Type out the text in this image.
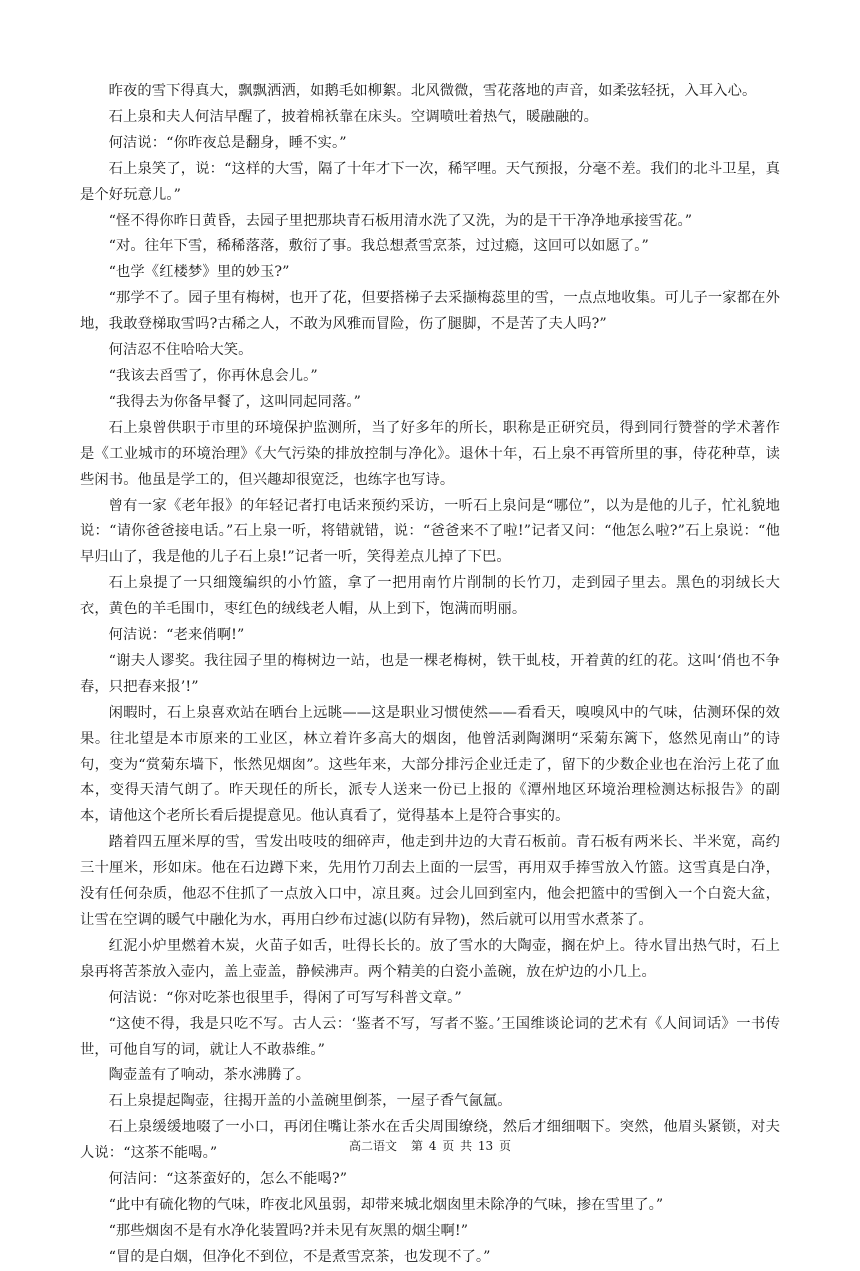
昨夜的雪下得真大，飘飘洒洒，如鹅毛如柳絮。北风微微，雪花落地的声音，如柔弦轻抚，入耳入心。

石上泉和夫人何洁早醒了，披着棉袄靠在床头。空调喷吐着热气，暖融融的。

何洁说：“你昨夜总是翻身，睡不实。”

石上泉笑了，说：“这样的大雪，隔了十年才下一次，稀罕哩。天气预报，分毫不差。我们的北斗卫星，真是个好玩意儿。”

“怪不得你昨日黄昏，去园子里把那块青石板用清水洗了又洗，为的是干干净净地承接雪花。”

“对。往年下雪，稀稀落落，敷衍了事。我总想煮雪烹茶，过过瘾，这回可以如愿了。”

“也学《红楼梦》里的妙玉?”

“那学不了。园子里有梅树，也开了花，但要搭梯子去采撷梅蕊里的雪，一点点地收集。可儿子一家都在外地，我敢登梯取雪吗?古稀之人，不敢为风雅而冒险，伤了腿脚，不是苦了夫人吗?”

何洁忍不住哈哈大笑。

“我该去舀雪了，你再休息会儿。”

“我得去为你备早餐了，这叫同起同落。”

石上泉曾供职于市里的环境保护监测所，当了好多年的所长，职称是正研究员，得到同行赞誉的学术著作是《工业城市的环境治理》《大气污染的排放控制与净化》。退休十年，石上泉不再管所里的事，侍花种草，读些闲书。他虽是学工的，但兴趣却很宽泛，也练字也写诗。

曾有一家《老年报》的年轻记者打电话来预约采访，一听石上泉问是“哪位”，以为是他的儿子，忙礼貌地说：“请你爸爸接电话。”石上泉一听，将错就错，说：“爸爸来不了啦!”记者又问：“他怎么啦?”石上泉说：“他早归山了，我是他的儿子石上泉!”记者一听，笑得差点儿掉了下巴。

石上泉提了一只细篾编织的小竹篮，拿了一把用南竹片削制的长竹刀，走到园子里去。黑色的羽绒长大衣，黄色的羊毛围巾，枣红色的绒线老人帽，从上到下，饱满而明丽。

何洁说：“老来俏啊!”

“谢夫人谬奖。我往园子里的梅树边一站，也是一棵老梅树，铁干虬枝，开着黄的红的花。这叫‘俏也不争春，只把春来报’!”

闲暇时，石上泉喜欢站在晒台上远眺——这是职业习惯使然——看看天，嗅嗅风中的气味，估测环保的效果。往北望是本市原来的工业区，林立着许多高大的烟囱，他曾活剥陶渊明“采菊东篱下，悠然见南山”的诗句，变为“赏菊东墙下，怅然见烟囱”。这些年来，大部分排污企业迁走了，留下的少数企业也在治污上花了血本，变得天清气朗了。昨天现任的所长，派专人送来一份已上报的《潭州地区环境治理检测达标报告》的副本，请他这个老所长看后提提意见。他认真看了，觉得基本上是符合事实的。

踏着四五厘米厚的雪，雪发出吱吱的细碎声，他走到井边的大青石板前。青石板有两米长、半米宽，高约三十厘米，形如床。他在石边蹲下来，先用竹刀刮去上面的一层雪，再用双手捧雪放入竹篮。这雪真是白净，没有任何杂质，他忍不住抓了一点放入口中，凉且爽。过会儿回到室内，他会把篮中的雪倒入一个白瓷大盆，让雪在空调的暖气中融化为水，再用白纱布过滤(以防有异物)，然后就可以用雪水煮茶了。

红泥小炉里燃着木炭，火苗子如舌，吐得长长的。放了雪水的大陶壶，搁在炉上。待水冒出热气时，石上泉再将苦茶放入壶内，盖上壶盖，静候沸声。两个精美的白瓷小盖碗，放在炉边的小几上。

何洁说：“你对吃茶也很里手，得闲了可写写科普文章。”

“这使不得，我是只吃不写。古人云：‘鉴者不写，写者不鉴。’王国维谈论词的艺术有《人间词话》一书传世，可他自写的词，就让人不敢恭维。”

陶壶盖有了响动，茶水沸腾了。

石上泉提起陶壶，往揭开盖的小盖碗里倒茶，一屋子香气氤氲。

石上泉缓缓地啜了一小口，再闭住嘴让茶水在舌尖周围缭绕，然后才细细咽下。突然，他眉头紧锁，对夫人说：“这茶不能喝。”

何洁问：“这茶蛮好的，怎么不能喝?”

“此中有硫化物的气味，昨夜北风虽弱，却带来城北烟囱里未除净的气味，掺在雪里了。”

“那些烟囱不是有水净化装置吗?并未见有灰黑的烟尘啊!”

“冒的是白烟，但净化不到位，不是煮雪烹茶，也发现不了。”

高二语文 第 4 页 共 13 页
